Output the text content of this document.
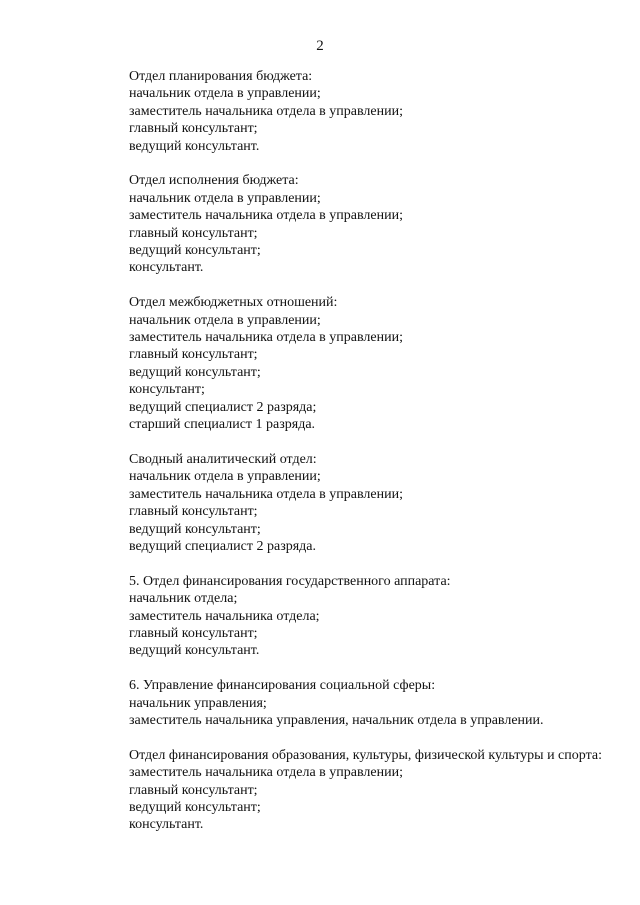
2
Отдел планирования бюджета:
начальник отдела в управлении;
заместитель начальника отдела в управлении;
главный консультант;
ведущий консультант.
Отдел исполнения бюджета:
начальник отдела в управлении;
заместитель начальника отдела в управлении;
главный консультант;
ведущий консультант;
консультант.
Отдел межбюджетных отношений:
начальник отдела в управлении;
заместитель начальника отдела в управлении;
главный консультант;
ведущий консультант;
консультант;
ведущий специалист 2 разряда;
старший специалист 1 разряда.
Сводный аналитический отдел:
начальник отдела в управлении;
заместитель начальника отдела в управлении;
главный консультант;
ведущий консультант;
ведущий специалист 2 разряда.
5. Отдел финансирования государственного аппарата:
начальник отдела;
заместитель начальника отдела;
главный консультант;
ведущий консультант.
6. Управление финансирования социальной сферы:
начальник управления;
заместитель начальника управления, начальник отдела в управлении.
Отдел финансирования образования, культуры, физической культуры и спорта:
заместитель начальника отдела в управлении;
главный консультант;
ведущий консультант;
консультант.
